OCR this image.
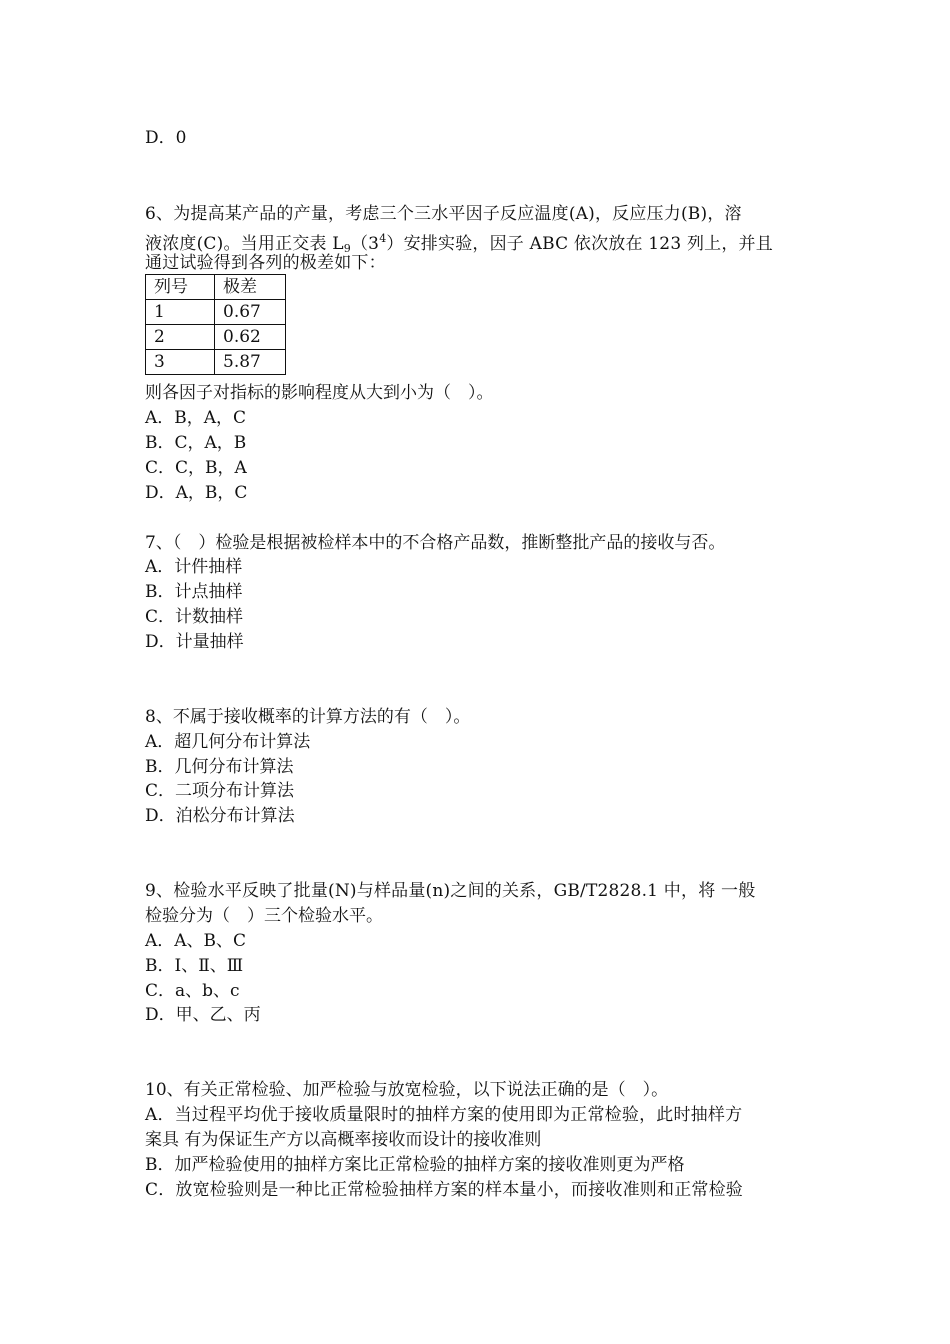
D．0
6、为提高某产品的产量，考虑三个三水平因子反应温度(A)，反应压力(B)，溶
液浓度(C)。当用正交表 $L_9(3^4)$安排实验，因子 ABC 依次放在 123 列上，并且
通过试验得到各列的极差如下：
列号	极差
1	0.67
2	0.62
3	5.87
则各因子对指标的影响程度从大到小为（　）。
A．B，A，C
B．C，A，B
C．C，B，A
D．A，B，C
7、（　）检验是根据被检样本中的不合格产品数，推断整批产品的接收与否。
A．计件抽样
B．计点抽样
C．计数抽样
D．计量抽样
8、不属于接收概率的计算方法的有（　）。
A．超几何分布计算法
B．几何分布计算法
C．二项分布计算法
D．泊松分布计算法
9、检验水平反映了批量(N)与样品量(n)之间的关系，GB/T2828.1 中，将 一般
检验分为（　）三个检验水平。
A．A、B、C
B．Ⅰ、Ⅱ、Ⅲ
C．a、b、c
D．甲、乙、丙
10、有关正常检验、加严检验与放宽检验，以下说法正确的是（　）。
A．当过程平均优于接收质量限时的抽样方案的使用即为正常检验，此时抽样方
案具 有为保证生产方以高概率接收而设计的接收准则
B．加严检验使用的抽样方案比正常检验的抽样方案的接收准则更为严格
C．放宽检验则是一种比正常检验抽样方案的样本量小，而接收准则和正常检验
